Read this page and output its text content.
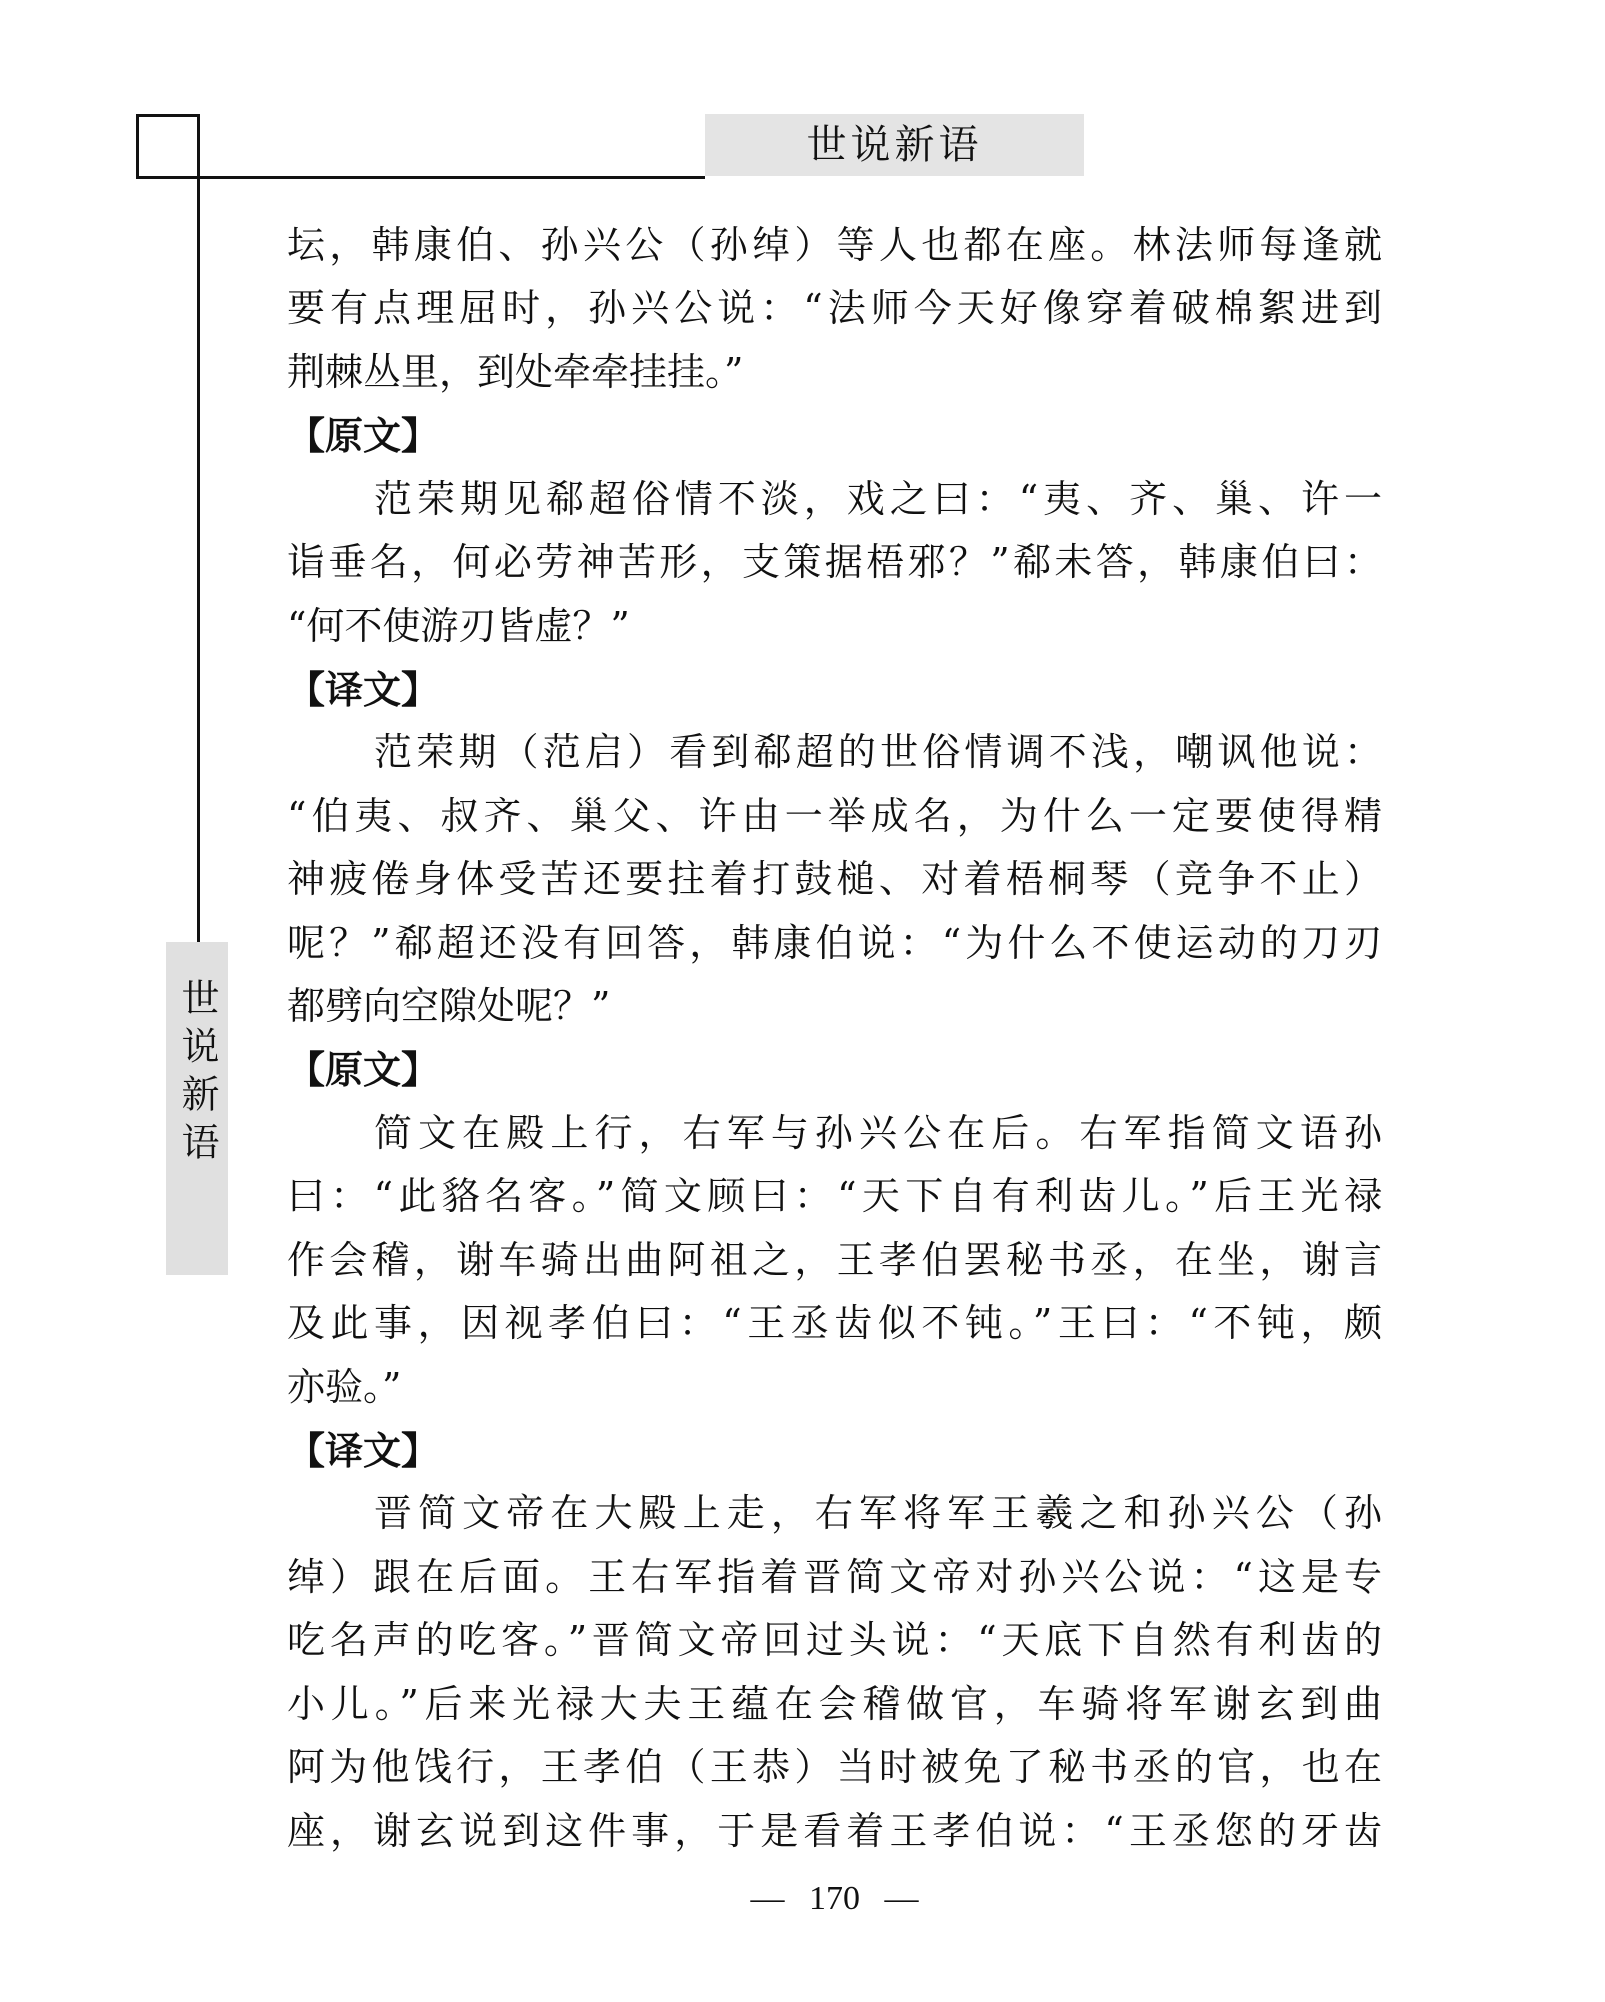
世说新语
世说新语
坛，韩康伯、孙兴公（孙绰）等人也都在座。林法师每逢就
要有点理屈时，孙兴公说：“法师今天好像穿着破棉絮进到
荆棘丛里，到处牵牵挂挂。”
【原文】
范荣期见郗超俗情不淡，戏之曰：“夷、齐、巢、许一
诣垂名，何必劳神苦形，支策据梧邪？”郗未答，韩康伯曰：
“何不使游刃皆虚？”
【译文】
范荣期（范启）看到郗超的世俗情调不浅，嘲讽他说：
“伯夷、叔齐、巢父、许由一举成名，为什么一定要使得精
神疲倦身体受苦还要拄着打鼓槌、对着梧桐琴（竞争不止）
呢？”郗超还没有回答，韩康伯说：“为什么不使运动的刀刃
都劈向空隙处呢？”
【原文】
简文在殿上行，右军与孙兴公在后。右军指简文语孙
曰：“此貉名客。”简文顾曰：“天下自有利齿儿。”后王光禄
作会稽，谢车骑出曲阿祖之，王孝伯罢秘书丞，在坐，谢言
及此事，因视孝伯曰：“王丞齿似不钝。”王曰：“不钝，颇
亦验。”
【译文】
晋简文帝在大殿上走，右军将军王羲之和孙兴公（孙
绰）跟在后面。王右军指着晋简文帝对孙兴公说：“这是专
吃名声的吃客。”晋简文帝回过头说：“天底下自然有利齿的
小儿。”后来光禄大夫王蕴在会稽做官，车骑将军谢玄到曲
阿为他饯行，王孝伯（王恭）当时被免了秘书丞的官，也在
座，谢玄说到这件事，于是看着王孝伯说：“王丞您的牙齿
— 170 —
